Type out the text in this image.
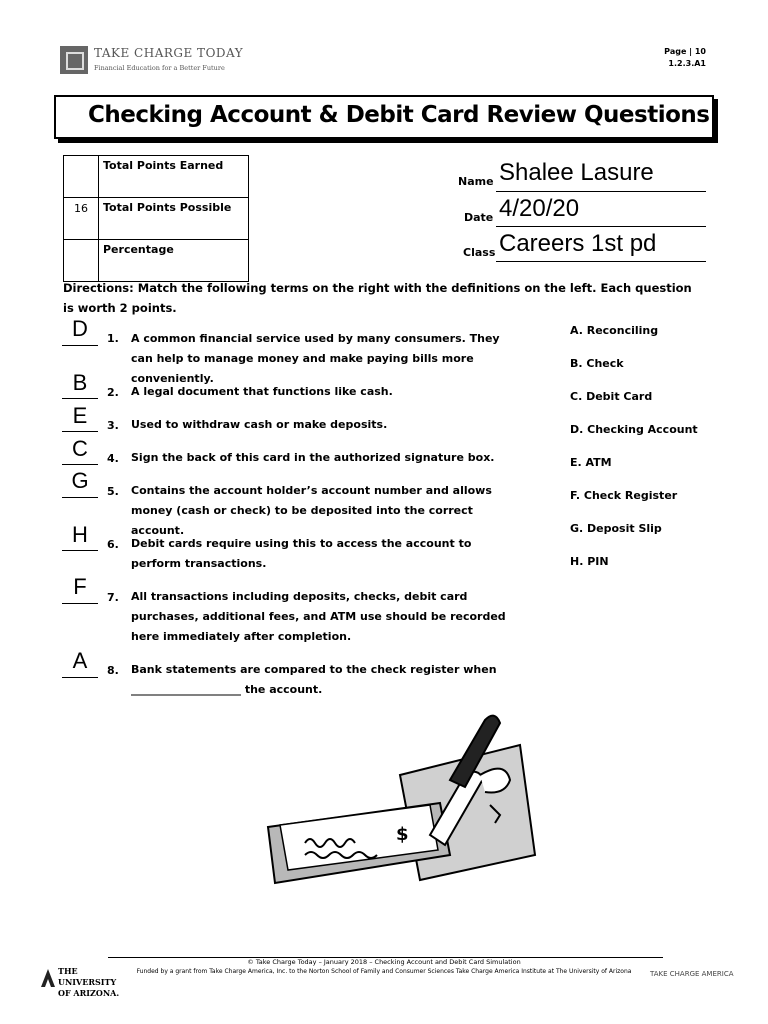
TAKE CHARGE TODAY
Financial Education for a Better Future
Page | 10
1.2.3.A1
Checking Account & Debit Card Review Questions
	Total Points Earned
16	Total Points Possible
	Percentage
Name Shalee Lasure
Date 4/20/20
Class Careers 1st pd
Directions: Match the following terms on the right with the definitions on the left. Each question is worth 2 points.
D	1. A common financial service used by many consumers. They can help to manage money and make paying bills more conveniently.
B	2. A legal document that functions like cash.
E	3. Used to withdraw cash or make deposits.
C	4. Sign the back of this card in the authorized signature box.
G	5. Contains the account holder’s account number and allows money (cash or check) to be deposited into the correct account.
H	6. Debit cards require using this to access the account to perform transactions.
F	7. All transactions including deposits, checks, debit card purchases, additional fees, and ATM use should be recorded here immediately after completion.
A	8. Bank statements are compared to the check register when ____________________ the account.
A. Reconciling
B. Check
C. Debit Card
D. Checking Account
E. ATM
F. Check Register
G. Deposit Slip
H. PIN
$
© Take Charge Today – January 2018 – Checking Account and Debit Card Simulation
Funded by a grant from Take Charge America, Inc. to the Norton School of Family and Consumer Sciences Take Charge America Institute at The University of Arizona
THE UNIVERSITY OF ARIZONA.
TAKE CHARGE AMERICA
